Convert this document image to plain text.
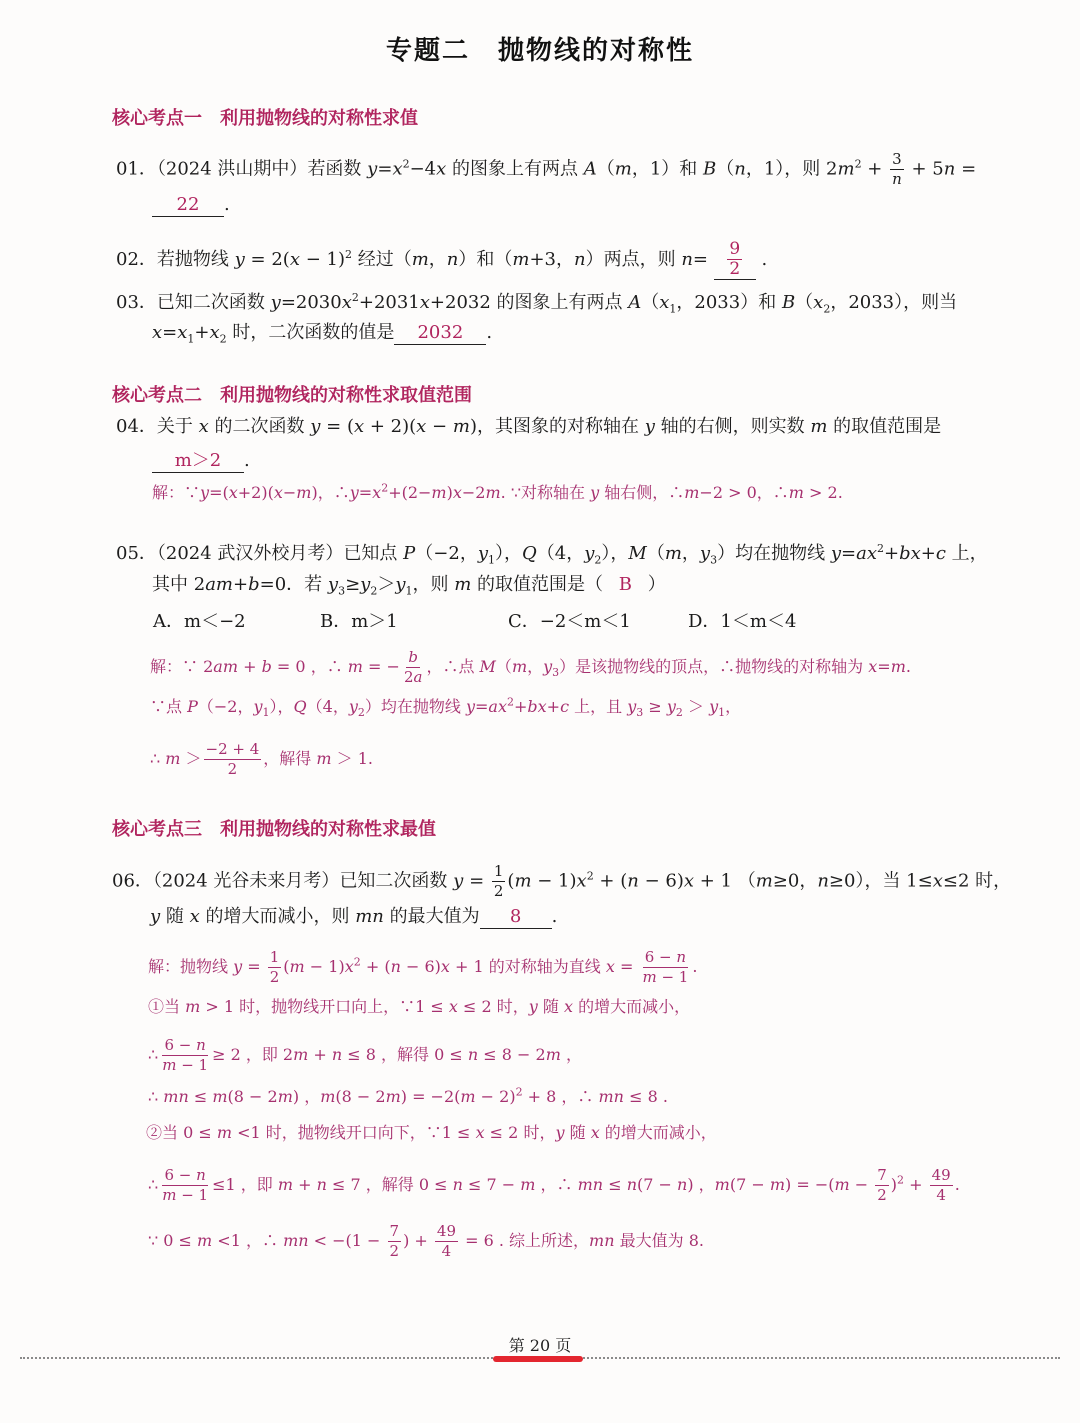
专题二　抛物线的对称性
核心考点一　利用抛物线的对称性求值
01．（2024 洪山期中）若函数 $y=x^2-4x$ 的图象上有两点 A（m，1）和 B（n，1），则 $2m^2 + \frac{3}{n} + 5n$ =
22 .
02．若抛物线 $y = 2(x - 1)^2$ 经过（m，n）和（m+3，n）两点，则 $n= \frac{9}{2}$ .
03．已知二次函数 $y=2030x^2+2031x+2032$ 的图象上有两点 $A(x_1$，2033）和 $B(x_2$，2033），则当
$x=x_1+x_2$ 时，二次函数的值是 2032 .
核心考点二　利用抛物线的对称性求取值范围
04．关于 x 的二次函数 y = (x + 2)(x − m)，其图象的对称轴在 y 轴的右侧，则实数 m 的取值范围是
m＞2 .
解：∵y=(x+2)(x−m)，$\therefore y=x^2+(2-m)x-2m$. ∵对称轴在 y 轴右侧，∴m−2 > 0，∴m > 2.
05．（2024 武汉外校月考）已知点 P（−2，$y_1$），Q（4，$y_2$），M（m，$y_3$）均在抛物线 $y=ax^2+bx+c$ 上，
其中 2am+b=0．若 $y_3\ge y_2>y_1$，则 m 的取值范围是（ B ）
A．m＜−2	B．m＞1	C．−2＜m＜1	D．1＜m＜4
解：∵ 2am + b = 0 ，∴ m = − $\frac{b}{2a}$ ，∴点 M（m，$y_3$）是该抛物线的顶点，∴抛物线的对称轴为 x=m.
∵点 P（−2，$y_1$），Q（4，$y_2$）均在抛物线 $y=ax^2+bx+c$ 上，且 $y_3 \ge y_2 > y_1$，
∴ $m > \frac{-2 + 4}{2}$ ，解得 m ＞ 1.
核心考点三　利用抛物线的对称性求最值
06．（2024 光谷未来月考）已知二次函数 $y = \frac{1}{2} (m - 1)x^2 + (n - 6)x + 1$ （m≥0，n≥0），当 1≤x≤2 时，
y 随 x 的增大而减小，则 mn 的最大值为 8 .
解：抛物线 $y = \frac{1}{2} (m - 1)x^2 + (n - 6)x + 1$ 的对称轴为直线 $x = \frac{6 - n}{m - 1}$ .
①当 m > 1 时，抛物线开口向上，∵1 ≤ x ≤ 2 时，y 随 x 的增大而减小，
∴ $\frac{6 - n}{m - 1} \ge 2$ ，即 2m + n ≤ 8 ，解得 0 ≤ n ≤ 8 − 2m ，
∴ mn ≤ m(8 − 2m) ，$m(8 - 2m) = -2(m - 2)^2 + 8$ ，∴ mn ≤ 8 .
②当 0 ≤ m <1 时，抛物线开口向下，∵1 ≤ x ≤ 2 时，y 随 x 的增大而减小，
∴ $\frac{6 - n}{m - 1} \le 1$ ，即 m + n ≤ 7 ，解得 0 ≤ n ≤ 7 − m ，∴ mn ≤ n(7 − n) ，$m(7 - m) = -(m - \frac{7}{2} )^2 + \frac{49}{4}$ .
∵ 0 ≤ m <1 ，∴ mn < $-(1 - \frac{7}{2}$ ) + $\frac{49}{4} = 6$ . 综上所述，mn 最大值为 8.
第 20 页
